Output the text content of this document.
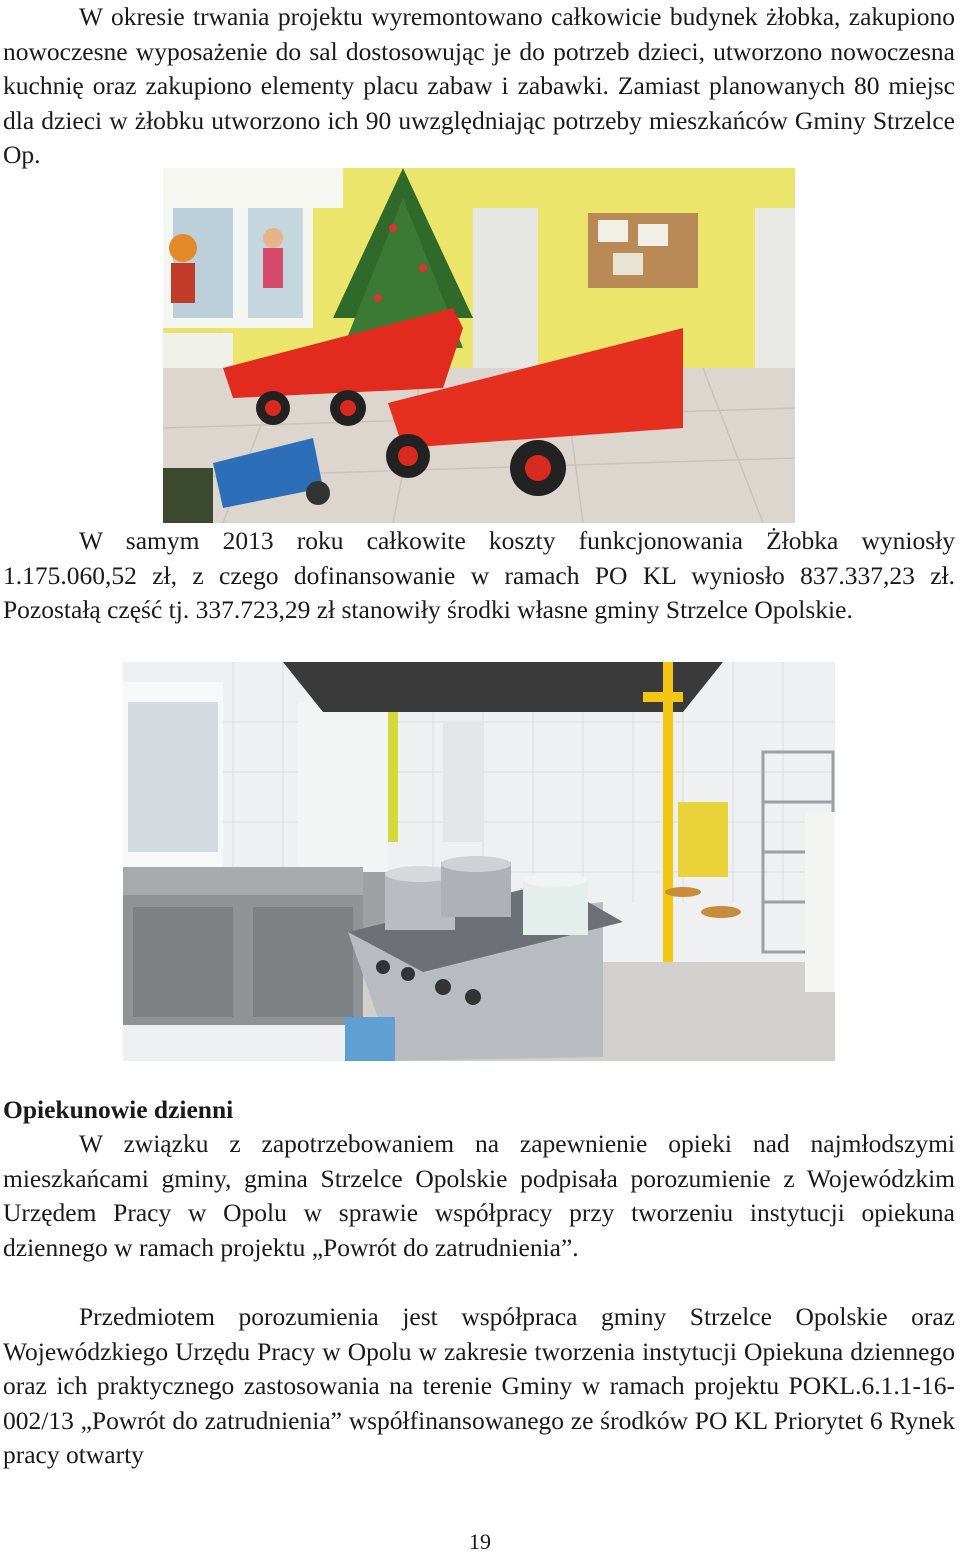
W okresie trwania projektu wyremontowano całkowicie budynek żłobka, zakupiono nowoczesne wyposażenie do sal dostosowując je do potrzeb dzieci, utworzono nowoczesna kuchnię oraz zakupiono elementy placu zabaw i zabawki. Zamiast planowanych 80 miejsc dla dzieci w żłobku utworzono ich 90 uwzględniając potrzeby mieszkańców Gminy Strzelce Op.

W samym 2013 roku całkowite koszty funkcjonowania Żłobka wyniosły 1.175.060,52 zł, z czego dofinansowanie w ramach PO KL wyniosło 837.337,23 zł. Pozostałą część tj. 337.723,29 zł stanowiły środki własne gminy Strzelce Opolskie.

Opiekunowie dzienni

W związku z zapotrzebowaniem na zapewnienie opieki nad najmłodszymi mieszkańcami gminy, gmina Strzelce Opolskie podpisała porozumienie z Wojewódzkim Urzędem Pracy w Opolu w sprawie współpracy przy tworzeniu instytucji opiekuna dziennego w ramach projektu „Powrót do zatrudnienia”.

Przedmiotem porozumienia jest współpraca gminy Strzelce Opolskie oraz Wojewódzkiego Urzędu Pracy w Opolu w zakresie tworzenia instytucji Opiekuna dziennego oraz ich praktycznego zastosowania na terenie Gminy w ramach projektu POKL.6.1.1-16-002/13 „Powrót do zatrudnienia” współfinansowanego ze środków PO KL Priorytet 6 Rynek pracy otwarty

19
